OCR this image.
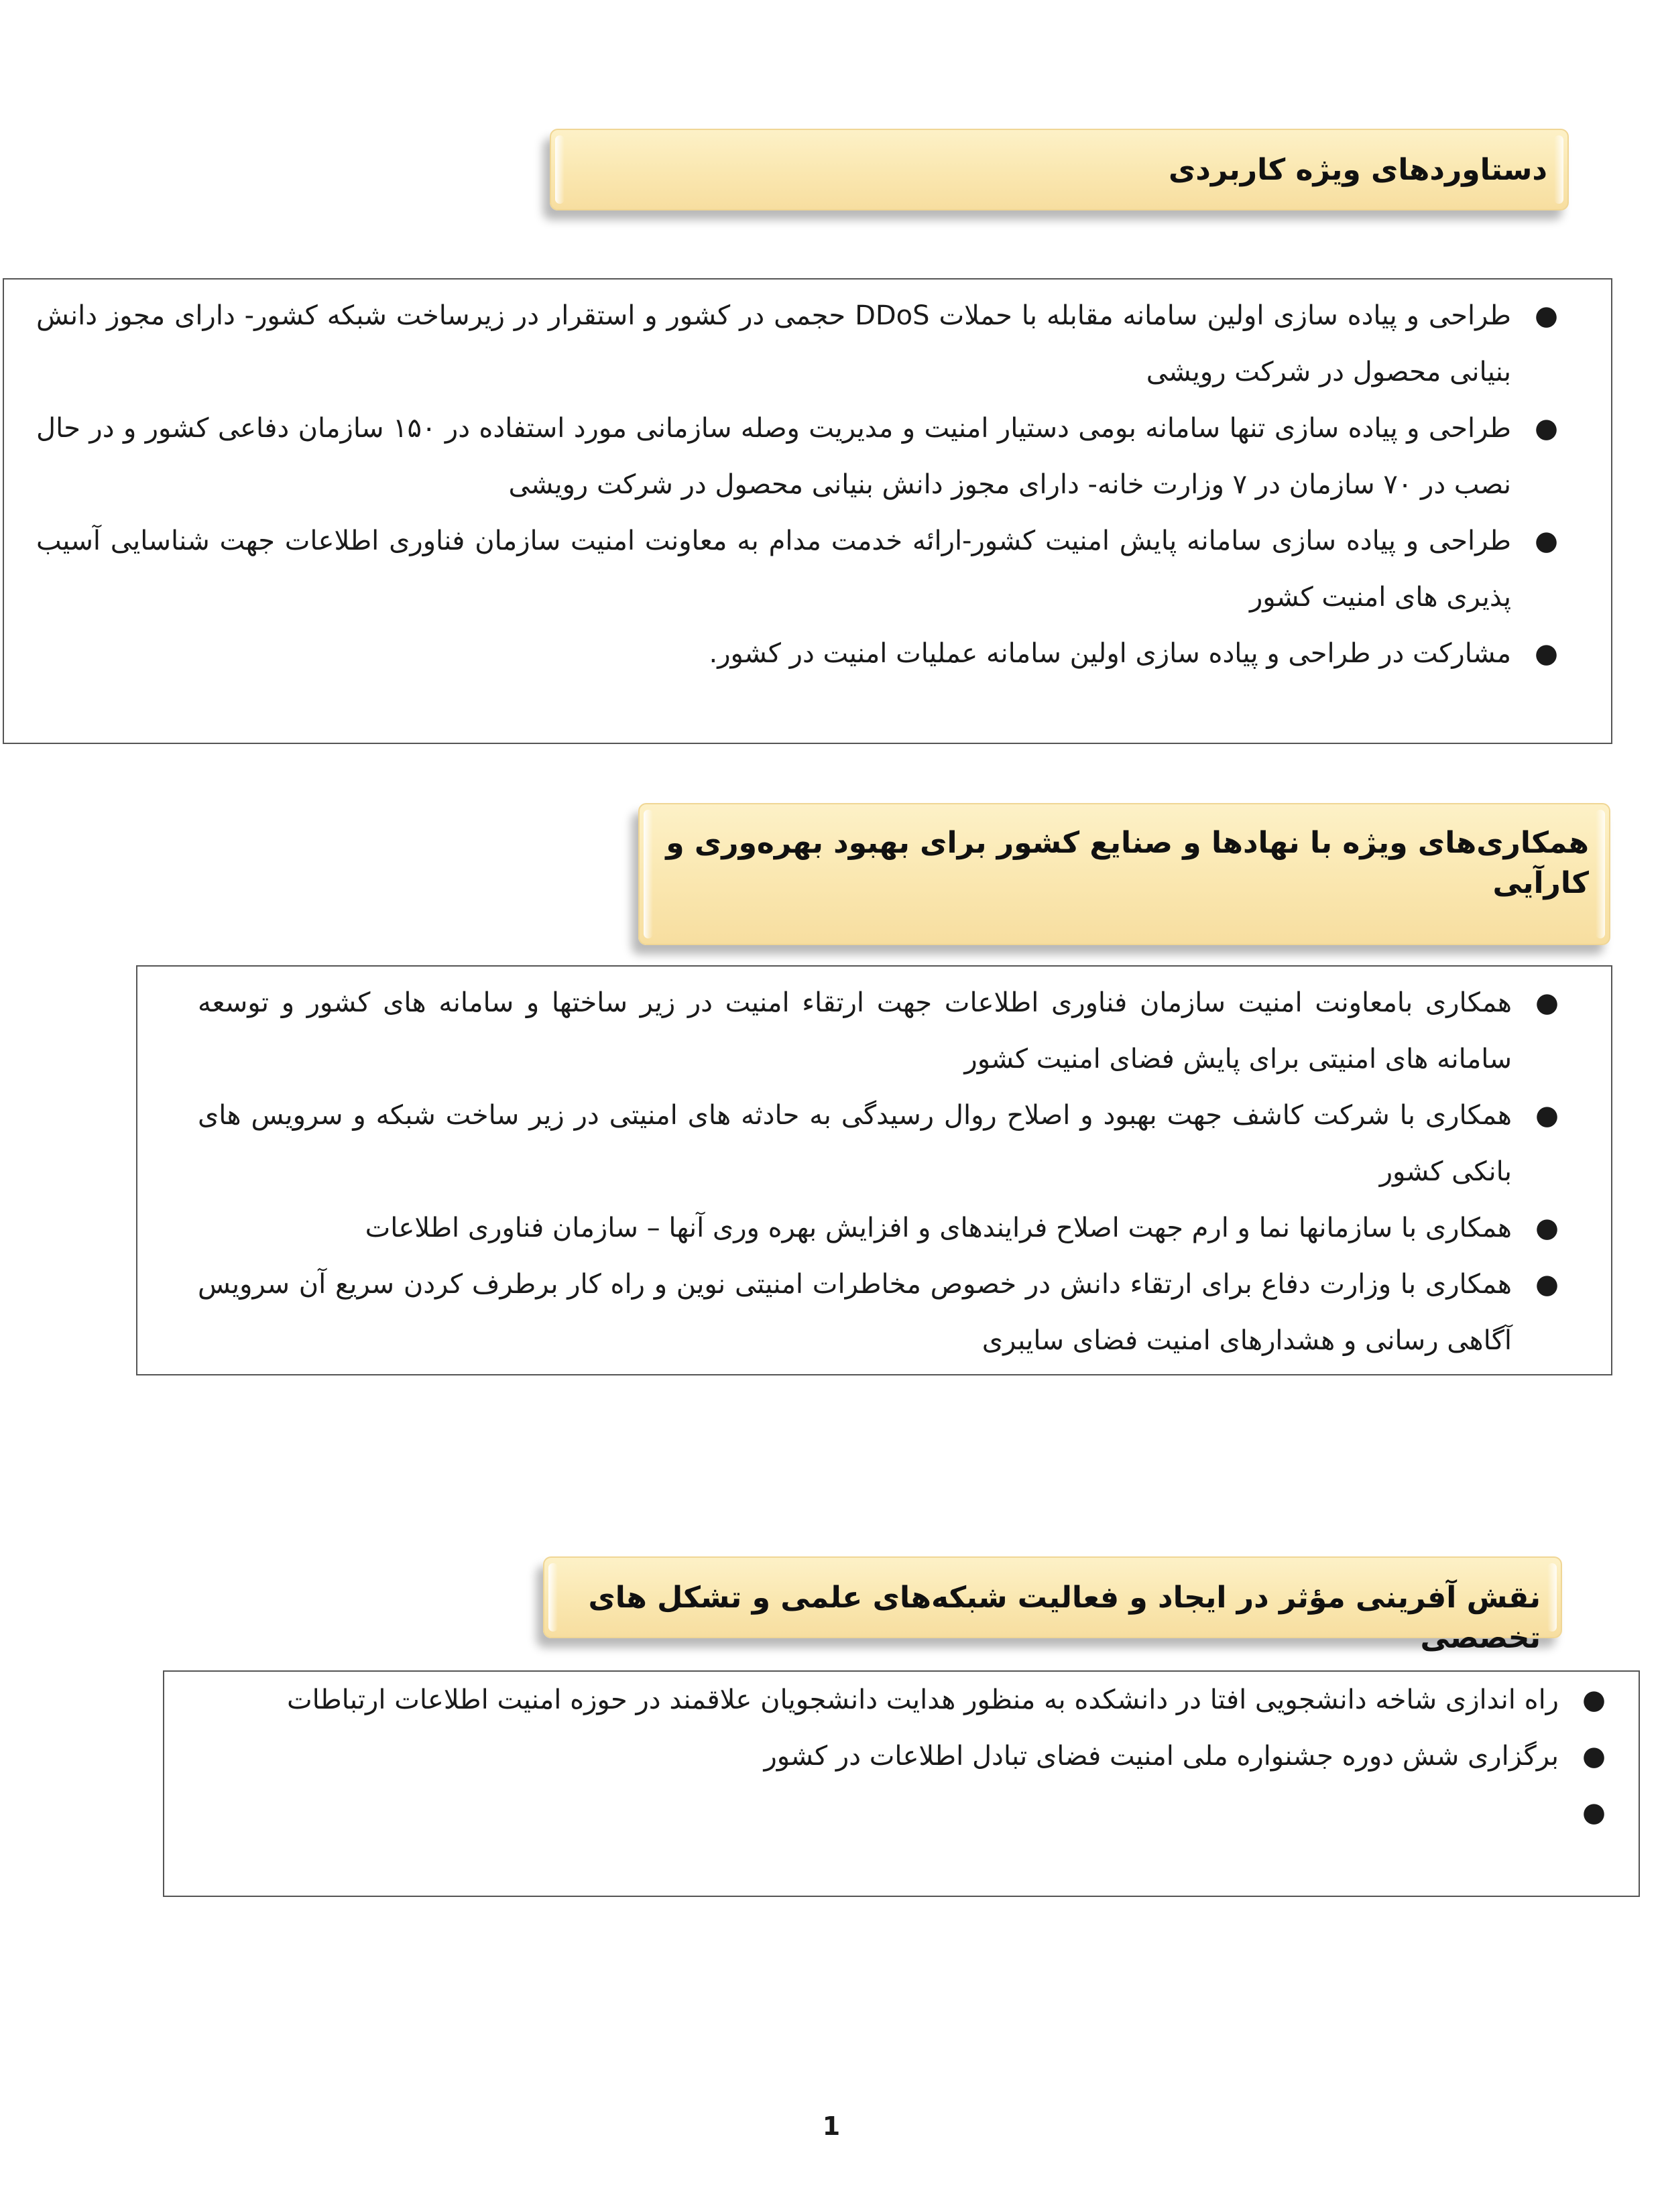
دستاوردهای ویژه کاربردی
●
طراحی و پیاده سازی اولین سامانه مقابله با حملات DDoS حجمی در کشور و استقرار در زیرساخت شبکه کشور- دارای مجوز دانش بنیانی محصول در شرکت رویشی
●
طراحی و پیاده سازی تنها سامانه بومی دستیار امنیت و مدیریت وصله سازمانی مورد استفاده در ۱۵۰ سازمان دفاعی کشور و در حال نصب در ۷۰ سازمان در ۷ وزارت خانه- دارای مجوز دانش بنیانی محصول در شرکت رویشی
●
طراحی و پیاده سازی سامانه پایش امنیت کشور-ارائه خدمت مدام به معاونت امنیت سازمان فناوری اطلاعات جهت شناسایی آسیب پذیری های امنیت کشور
●
مشارکت در طراحی و پیاده سازی اولین سامانه عملیات امنیت در کشور.
همکاری‌های ویژه با نهادها و صنایع کشور برای بهبود بهره‌وری و کارآیی
●
همکاری بامعاونت امنیت سازمان فناوری اطلاعات جهت ارتقاء امنیت در زیر ساختها و سامانه های کشور و توسعه سامانه های امنیتی برای پایش فضای امنیت کشور
●
همکاری با شرکت کاشف جهت بهبود و اصلاح روال رسیدگی به حادثه های امنیتی در زیر ساخت شبکه و سرویس های بانکی کشور
●
همکاری با سازمانها نما و ارم جهت اصلاح فرایندهای و افزایش بهره وری آنها – سازمان فناوری اطلاعات
●
همکاری با وزارت دفاع برای ارتقاء دانش در خصوص مخاطرات امنیتی نوین و راه کار برطرف کردن سریع آن سرویس آگاهی رسانی و هشدارهای امنیت فضای سایبری
نقش آفرینی مؤثر در ایجاد و فعالیت شبکه‌های علمی و تشکل های تخصصی
●
راه اندازی شاخه دانشجویی افتا در دانشکده به منظور هدایت دانشجویان علاقمند در حوزه امنیت اطلاعات ارتباطات
●
برگزاری شش دوره جشنواره ملی امنیت فضای تبادل اطلاعات در کشور
●
1
